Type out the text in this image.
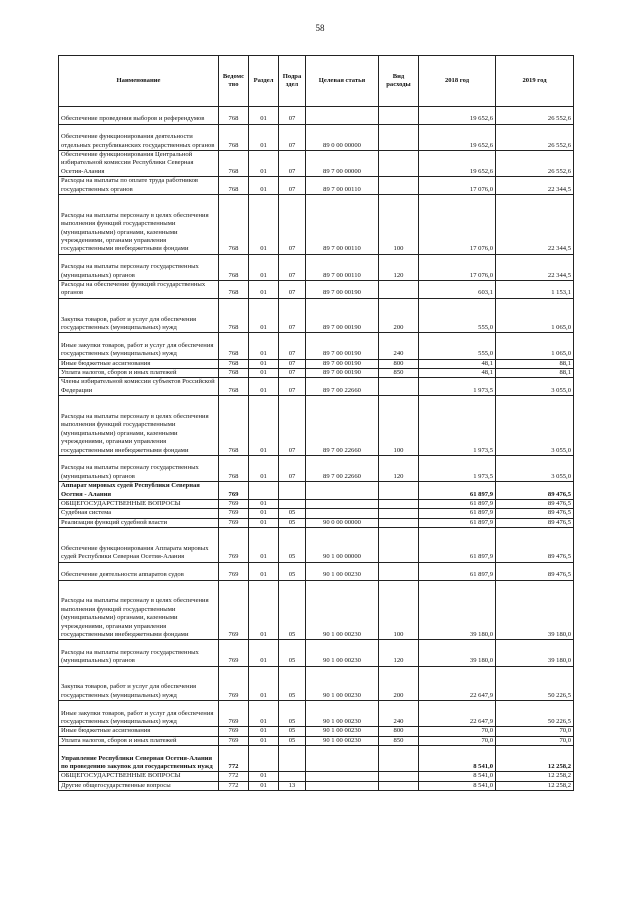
58
Наименование	Ведомс тво	Раздел	Подра здел	Целевая статья	Вид расходы	2018 год	2019 год
Обеспечение проведения выборов и референдумов	768	01	07			19 652,6	26 552,6
Обеспечение функционирования деятельности отдельных республиканских государственных органов	768	01	07	89 0 00 00000		19 652,6	26 552,6
Обеспечение функционирования Центральной избирательной комиссии Республики Северная Осетия-Алания	768	01	07	89 7 00 00000		19 652,6	26 552,6
Расходы на выплаты по оплате труда работников государственных органов	768	01	07	89 7 00 00110		17 076,0	22 344,5
Расходы на выплаты персоналу в целях обеспечения выполнения функций государственными (муниципальными) органами, казенными учреждениями, органами управления государственными внебюджетными фондами	768	01	07	89 7 00 00110	100	17 076,0	22 344,5
Расходы на выплаты персоналу государственных (муниципальных) органов	768	01	07	89 7 00 00110	120	17 076,0	22 344,5
Расходы на обеспечение функций государственных органов	768	01	07	89 7 00 00190		603,1	1 153,1
Закупка товаров, работ и услуг для обеспечения государственных (муниципальных) нужд	768	01	07	89 7 00 00190	200	555,0	1 065,0
Иные закупки товаров, работ и услуг для обеспечения государственных (муниципальных) нужд	768	01	07	89 7 00 00190	240	555,0	1 065,0
Иные бюджетные ассигнования	768	01	07	89 7 00 00190	800	48,1	88,1
Уплата налогов, сборов и иных платежей	768	01	07	89 7 00 00190	850	48,1	88,1
Члены избирательной комиссии субъектов Российской Федерации	768	01	07	89 7 00 22660		1 973,5	3 055,0
Расходы на выплаты персоналу в целях обеспечения выполнения функций государственными (муниципальными) органами, казенными учреждениями, органами управления государственными внебюджетными фондами	768	01	07	89 7 00 22660	100	1 973,5	3 055,0
Расходы на выплаты персоналу государственных (муниципальных) органов	768	01	07	89 7 00 22660	120	1 973,5	3 055,0
Аппарат мировых судей Республики Северная Осетия - Алания	769					61 897,9	89 476,5
ОБЩЕГОСУДАРСТВЕННЫЕ ВОПРОСЫ	769	01				61 897,9	89 476,5
Судебная система	769	01	05			61 897,9	89 476,5
Реализация функций судебной власти	769	01	05	90 0 00 00000		61 897,9	89 476,5
Обеспечение функционирования Аппарата мировых судей Республики Северная Осетия-Алания	769	01	05	90 1 00 00000		61 897,9	89 476,5
Обеспечение деятельности аппаратов судов	769	01	05	90 1 00 00230		61 897,9	89 476,5
Расходы на выплаты персоналу в целях обеспечения выполнения функций государственными (муниципальными) органами, казенными учреждениями, органами управления государственными внебюджетными фондами	769	01	05	90 1 00 00230	100	39 180,0	39 180,0
Расходы на выплаты персоналу государственных (муниципальных) органов	769	01	05	90 1 00 00230	120	39 180,0	39 180,0
Закупка товаров, работ и услуг для обеспечения государственных (муниципальных) нужд	769	01	05	90 1 00 00230	200	22 647,9	50 226,5
Иные закупки товаров, работ и услуг для обеспечения государственных (муниципальных) нужд	769	01	05	90 1 00 00230	240	22 647,9	50 226,5
Иные бюджетные ассигнования	769	01	05	90 1 00 00230	800	70,0	70,0
Уплата налогов, сборов и иных платежей	769	01	05	90 1 00 00230	850	70,0	70,0
Управление Республики Северная Осетия-Алания по проведению закупок для государственных нужд	772					8 541,0	12 258,2
ОБЩЕГОСУДАРСТВЕННЫЕ ВОПРОСЫ	772	01				8 541,0	12 258,2
Другие общегосударственные вопросы	772	01	13			8 541,0	12 258,2
